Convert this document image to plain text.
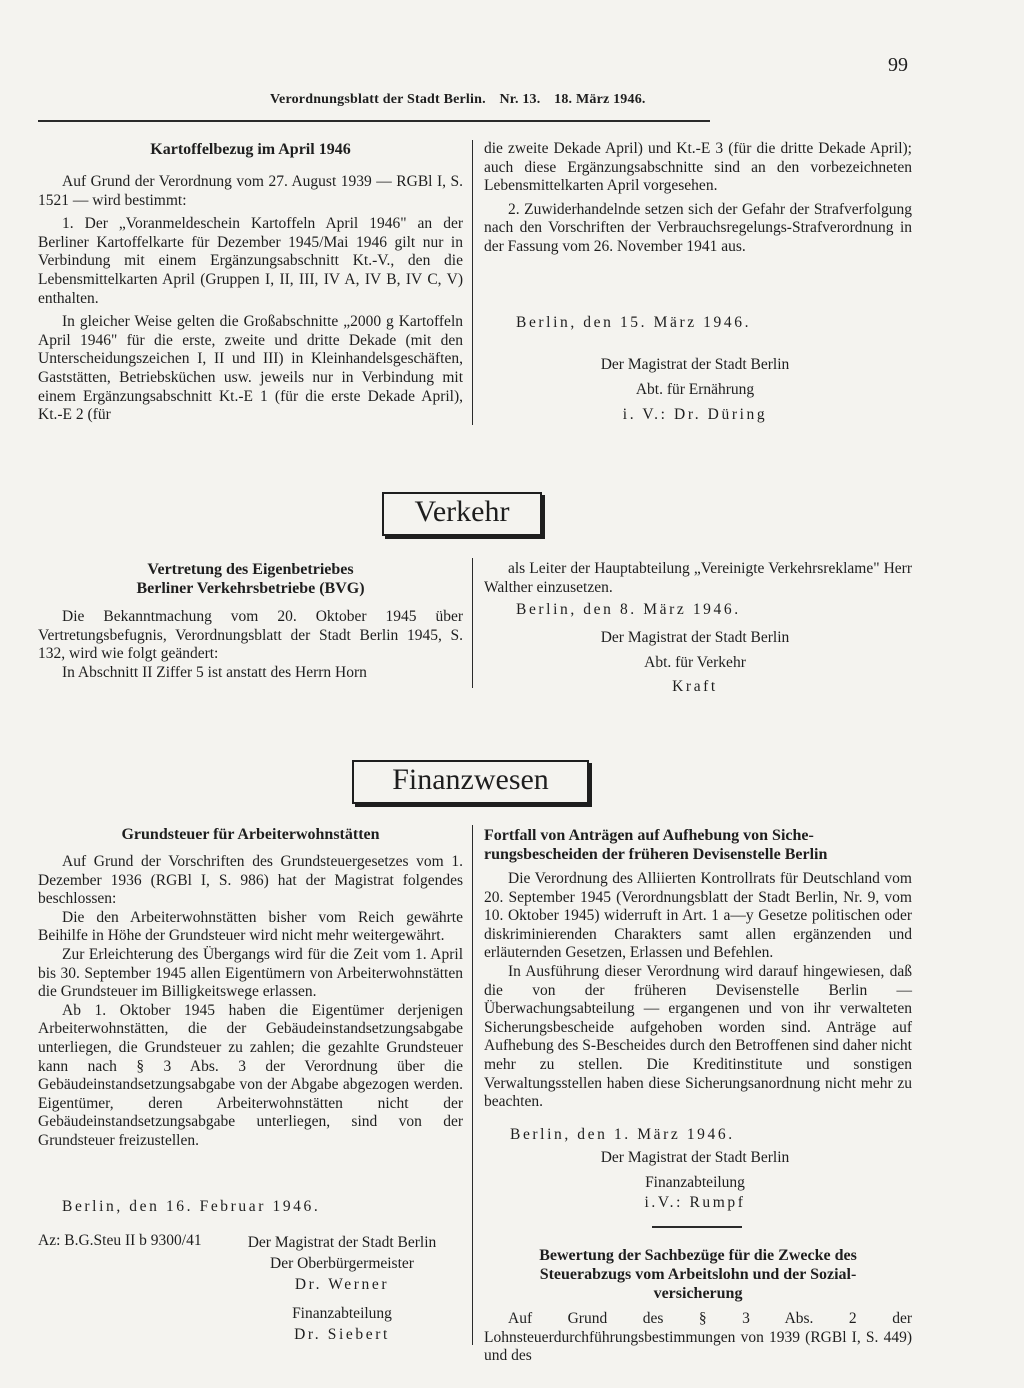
99
Verordnungsblatt der Stadt Berlin. Nr. 13. 18. März 1946.

Kartoffelbezug im April 1946

Auf Grund der Verordnung vom 27. August 1939 — RGBl I, S. 1521 — wird bestimmt:

1. Der „Voranmeldeschein Kartoffeln April 1946" an der Berliner Kartoffelkarte für Dezember 1945/Mai 1946 gilt nur in Verbindung mit einem Ergänzungsabschnitt Kt.-V., den die Lebensmittelkarten April (Gruppen I, II, III, IV A, IV B, IV C, V) enthalten.

In gleicher Weise gelten die Großabschnitte „2000 g Kartoffeln April 1946" für die erste, zweite und dritte Dekade (mit den Unterscheidungszeichen I, II und III) in Kleinhandelsgeschäften, Gaststätten, Betriebsküchen usw. jeweils nur in Verbindung mit einem Ergänzungsabschnitt Kt.-E 1 (für die erste Dekade April), Kt.-E 2 (für

die zweite Dekade April) und Kt.-E 3 (für die dritte Dekade April); auch diese Ergänzungsabschnitte sind an den vorbezeichneten Lebensmittelkarten April vorgesehen.

2. Zuwiderhandelnde setzen sich der Gefahr der Strafverfolgung nach den Vorschriften der Verbrauchsregelungs-Strafverordnung in der Fassung vom 26. November 1941 aus.

Berlin, den 15. März 1946.
Der Magistrat der Stadt Berlin
Abt. für Ernährung
i. V.: Dr. Düring
Verkehr

Vertretung des Eigenbetriebes

Berliner Verkehrsbetriebe (BVG)

Die Bekanntmachung vom 20. Oktober 1945 über Vertretungsbefugnis, Verordnungsblatt der Stadt Berlin 1945, S. 132, wird wie folgt geändert:

In Abschnitt II Ziffer 5 ist anstatt des Herrn Horn

als Leiter der Hauptabteilung „Vereinigte Verkehrsreklame" Herr Walther einzusetzen.

Berlin, den 8. März 1946.
Der Magistrat der Stadt Berlin
Abt. für Verkehr
Kraft
Finanzwesen

Grundsteuer für Arbeiterwohnstätten

Auf Grund der Vorschriften des Grundsteuergesetzes vom 1. Dezember 1936 (RGBl I, S. 986) hat der Magistrat folgendes beschlossen:

Die den Arbeiterwohnstätten bisher vom Reich gewährte Beihilfe in Höhe der Grundsteuer wird nicht mehr weitergewährt.

Zur Erleichterung des Übergangs wird für die Zeit vom 1. April bis 30. September 1945 allen Eigentümern von Arbeiterwohnstätten die Grundsteuer im Billigkeitswege erlassen.

Ab 1. Oktober 1945 haben die Eigentümer derjenigen Arbeiterwohnstätten, die der Gebäudeinstandsetzungsabgabe unterliegen, die Grundsteuer zu zahlen; die gezahlte Grundsteuer kann nach § 3 Abs. 3 der Verordnung über die Gebäudeinstandsetzungsabgabe von der Abgabe abgezogen werden. Eigentümer, deren Arbeiterwohnstätten nicht der Gebäudeinstandsetzungsabgabe unterliegen, sind von der Grundsteuer freizustellen.

Berlin, den 16. Februar 1946.
Az: B.G.Steu II b 9300/41	Der Magistrat der Stadt Berlin
Der Oberbürgermeister
Dr. Werner
Finanzabteilung
Dr. Siebert

Fortfall von Anträgen auf Aufhebung von Siche-

rungsbescheiden der früheren Devisenstelle Berlin

Die Verordnung des Alliierten Kontrollrats für Deutschland vom 20. September 1945 (Verordnungsblatt der Stadt Berlin, Nr. 9, vom 10. Oktober 1945) widerruft in Art. 1 a—y Gesetze politischen oder diskriminierenden Charakters samt allen ergänzenden und erläuternden Gesetzen, Erlassen und Befehlen.

In Ausführung dieser Verordnung wird darauf hingewiesen, daß die von der früheren Devisenstelle Berlin — Überwachungsabteilung — ergangenen und von ihr verwalteten Sicherungsbescheide aufgehoben worden sind. Anträge auf Aufhebung des S-Bescheides durch den Betroffenen sind daher nicht mehr zu stellen. Die Kreditinstitute und sonstigen Verwaltungsstellen haben diese Sicherungsanordnung nicht mehr zu beachten.

Berlin, den 1. März 1946.
Der Magistrat der Stadt Berlin
Finanzabteilung
i.V.: Rumpf

Bewertung der Sachbezüge für die Zwecke des

Steuerabzugs vom Arbeitslohn und der Sozial-

versicherung

Auf Grund des § 3 Abs. 2 der Lohnsteuerdurchführungsbestimmungen von 1939 (RGBl I, S. 449) und des
